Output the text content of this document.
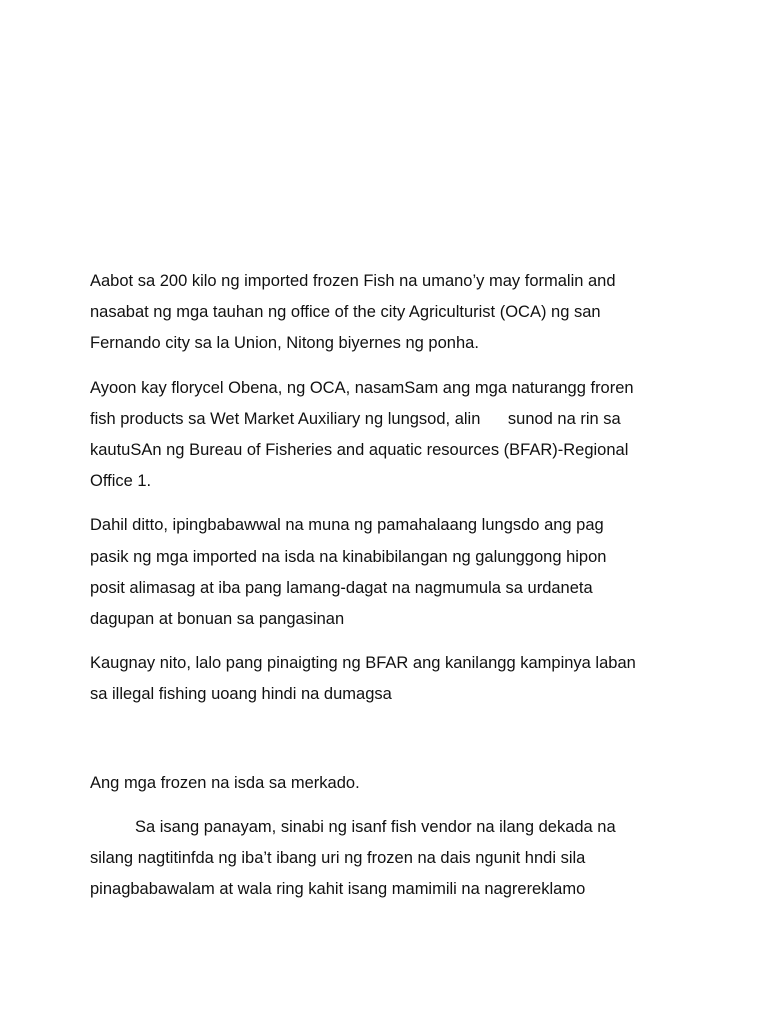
Aabot sa 200 kilo ng imported frozen Fish na umano’y may formalin and
nasabat ng mga tauhan ng office of the city Agriculturist (OCA) ng san
Fernando city sa la Union, Nitong biyernes ng ponha.

Ayoon kay florycel Obena, ng OCA, nasamSam ang mga naturangg froren
fish products sa Wet Market Auxiliary ng lungsod, alin      sunod na rin sa
kautuSAn ng Bureau of Fisheries and aquatic resources (BFAR)-Regional
Office 1.

Dahil ditto, ipingbabawwal na muna ng pamahalaang lungsdo ang pag
pasik ng mga imported na isda na kinabibilangan ng galunggong hipon
posit alimasag at iba pang lamang-dagat na nagmumula sa urdaneta
dagupan at bonuan sa pangasinan

Kaugnay nito, lalo pang pinaigting ng BFAR ang kanilangg kampinya laban
sa illegal fishing uoang hindi na dumagsa

Ang mga frozen na isda sa merkado.

Sa isang panayam, sinabi ng isanf fish vendor na ilang dekada na
silang nagtitinfda ng iba’t ibang uri ng frozen na dais ngunit hndi sila
pinagbabawalam at wala ring kahit isang mamimili na nagrereklamo
